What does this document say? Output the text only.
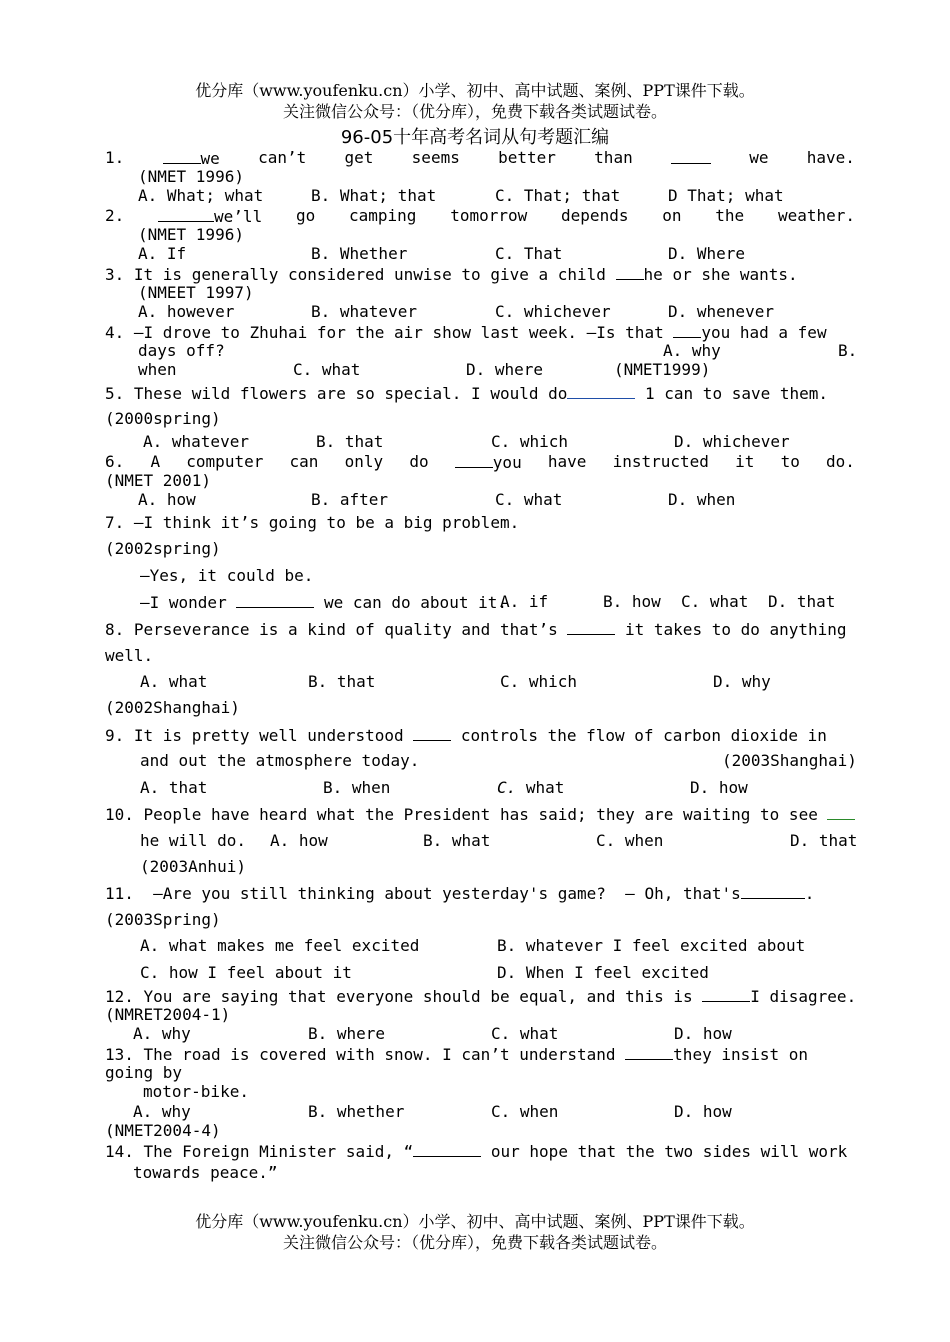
优分库（www.youfenku.cn）小学、初中、高中试题、案例、PPT课件下载。
关注微信公众号：（优分库），免费下载各类试题试卷。
96-05十年高考名词从句考题汇编
1.	we can’t get seems better than	we have.
(NMET 1996)
A. What; what	B. What; that	C. That; that	D That; what
2.	we’ll go camping tomorrow depends on the weather.
(NMET 1996)
A. If	B. Whether	C. That	D. Where
3. It is generally considered unwise to give a child he or she wants.
(NMEET 1997)
A. however	B. whatever	C. whichever	D. whenever
4. —I drove to Zhuhai for the air show last week. —Is that you had a few
days off?	A. why	B.
when	C. what	D. where	(NMET1999)
5. These wild flowers are so special. I would do	1 can to save them.
(2000spring)
A. whatever	B. that	C. which	D. whichever
6. A computer can only do	you have instructed it to do.
(NMET 2001)
A. how	B. after	C. what	D. when
7. —I think it’s going to be a big problem.
(2002spring)
—Yes, it could be.
—I wonder	we can do about it.
A. if	B. how C. what D. that
8. Perseverance is a kind of quality and that’s	it takes to do anything
well.
A. what	B. that	C. which	D. why
(2002Shanghai)
9. It is pretty well understood  controls the flow of carbon dioxide in
and out the atmosphere today.	(2003Shanghai)
A. that	B. when	C. what	D. how
10. People have heard what the President has said; they are waiting to see
he will do. A. how	B. what	C. when	D. that
(2003Anhui)
11.  —Are you still thinking about yesterday's game?  — Oh, that's	.
(2003Spring)
A. what makes me feel excited	B. whatever I feel excited about
C. how I feel about it	D. When I feel excited
12. You are saying that everyone should be equal, and this is	I disagree.
(NMRET2004-1)
A. why	B. where	C. what	D. how
13. The road is covered with snow. I can’t understand	they insist on
going by
motor-bike.
A. why	B. whether	C. when	D. how
(NMET2004-4)
14. The Foreign Minister said, “	our hope that the two sides will work
towards peace.”
优分库（www.youfenku.cn）小学、初中、高中试题、案例、PPT课件下载。
关注微信公众号：（优分库），免费下载各类试题试卷。
